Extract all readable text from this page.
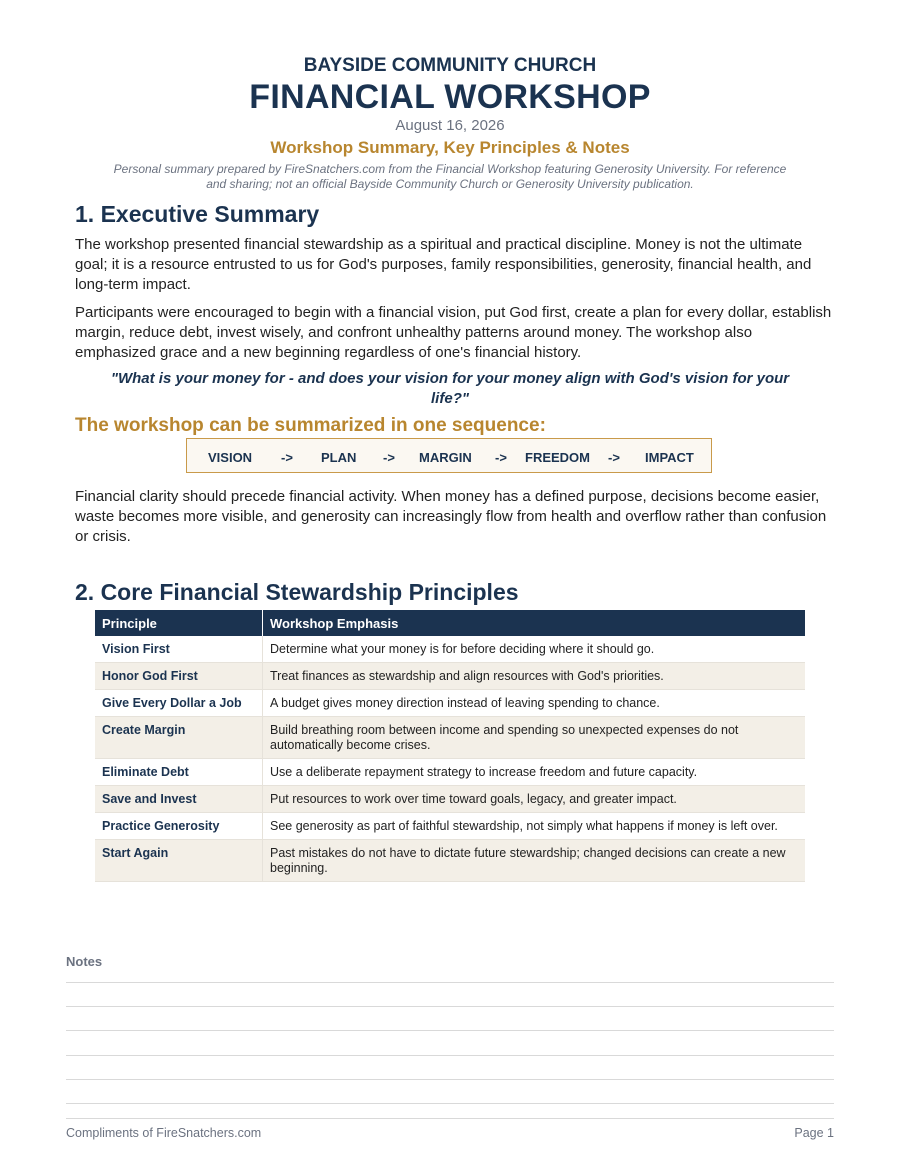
BAYSIDE COMMUNITY CHURCH
FINANCIAL WORKSHOP
August 16, 2026
Workshop Summary, Key Principles & Notes
Personal summary prepared by FireSnatchers.com from the Financial Workshop featuring Generosity University. For reference and sharing; not an official Bayside Community Church or Generosity University publication.
1. Executive Summary

The workshop presented financial stewardship as a spiritual and practical discipline. Money is not the ultimate goal; it is a resource entrusted to us for God's purposes, family responsibilities, generosity, financial health, and long-term impact.

Participants were encouraged to begin with a financial vision, put God first, create a plan for every dollar, establish margin, reduce debt, invest wisely, and confront unhealthy patterns around money. The workshop also emphasized grace and a new beginning regardless of one's financial history.

"What is your money for - and does your vision for your money align with God's vision for your life?"
The workshop can be summarized in one sequence:
VISION -> PLAN -> MARGIN -> FREEDOM -> IMPACT

Financial clarity should precede financial activity. When money has a defined purpose, decisions become easier, waste becomes more visible, and generosity can increasingly flow from health and overflow rather than confusion or crisis.

2. Core Financial Stewardship Principles
Principle	Workshop Emphasis
Vision First	Determine what your money is for before deciding where it should go.
Honor God First	Treat finances as stewardship and align resources with God's priorities.
Give Every Dollar a Job	A budget gives money direction instead of leaving spending to chance.
Create Margin	Build breathing room between income and spending so unexpected expenses do not automatically become crises.
Eliminate Debt	Use a deliberate repayment strategy to increase freedom and future capacity.
Save and Invest	Put resources to work over time toward goals, legacy, and greater impact.
Practice Generosity	See generosity as part of faithful stewardship, not simply what happens if money is left over.
Start Again	Past mistakes do not have to dictate future stewardship; changed decisions can create a new beginning.
Notes
Compliments of FireSnatchers.com	Page 1
